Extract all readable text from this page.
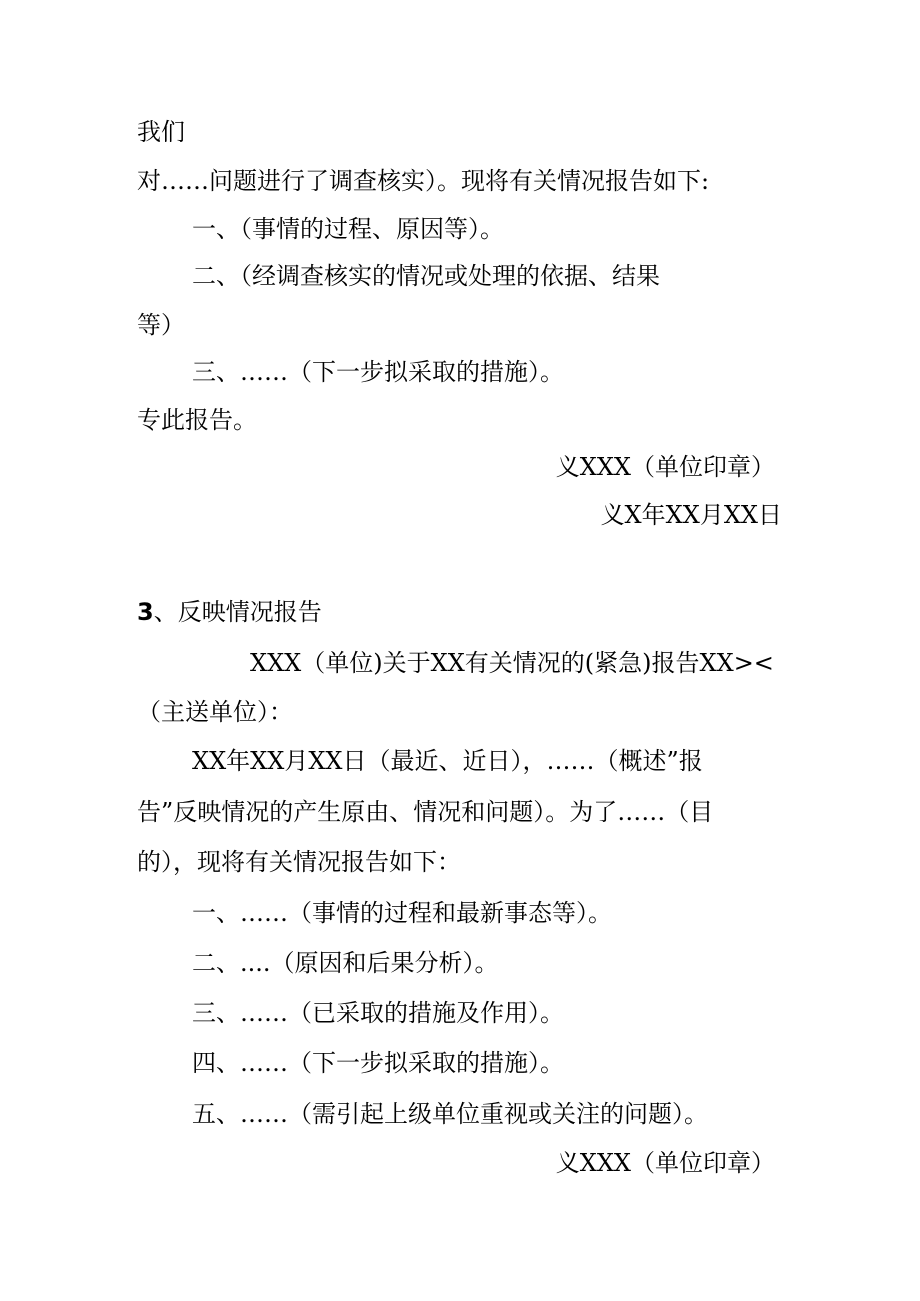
我们
对……问题进行了调查核实）。现将有关情况报告如下:
一、（事情的过程、原因等）。
二、（经调查核实的情况或处理的依据、结果
等）
三、……（下一步拟采取的措施）。
专此报告。
义XXX（单位印章）
义X年XX月XX日
3、反映情况报告
XXX（单位)关于XX有关情况的(紧急)报告XX><
（主送单位）：
XX年XX月XX日（最近、近日），……（概述”报
告”反映情况的产生原由、情况和问题）。为了……（目
的），现将有关情况报告如下：
一、……（事情的过程和最新事态等）。
二、....（原因和后果分析）。
三、……（已采取的措施及作用）。
四、……（下一步拟采取的措施）。
五、……（需引起上级单位重视或关注的问题）。
义XXX（单位印章）
